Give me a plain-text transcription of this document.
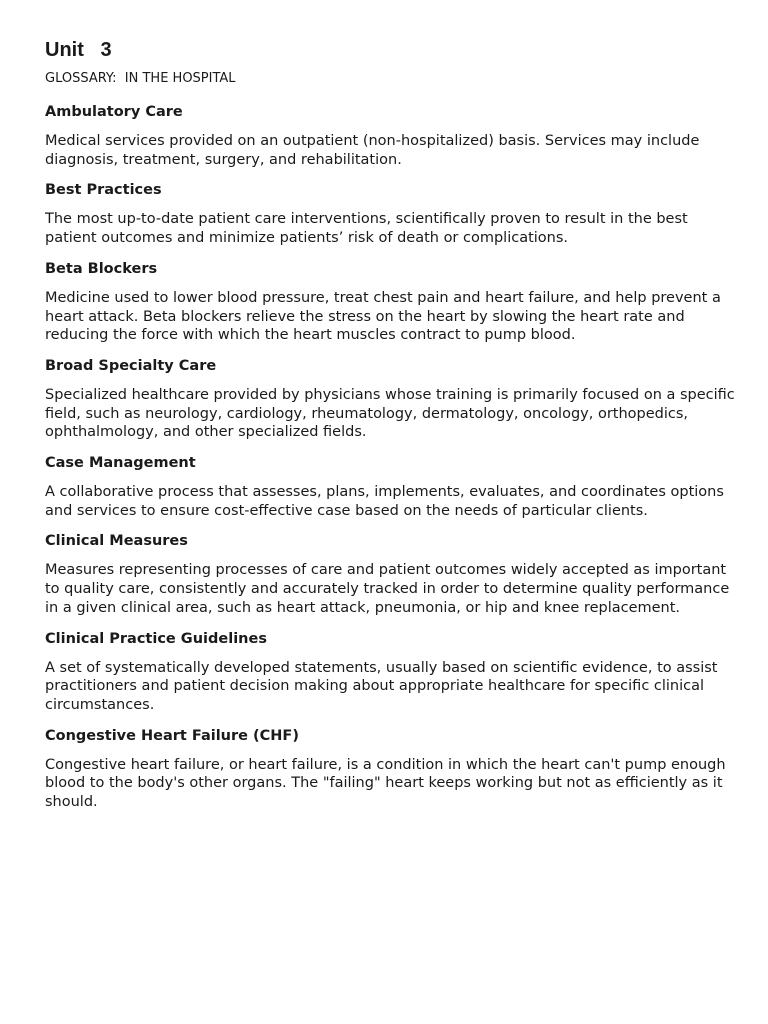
Unit   3
GLOSSARY:  IN THE HOSPITAL
Ambulatory Care
Medical services provided on an outpatient (non-hospitalized) basis. Services may include diagnosis, treatment, surgery, and rehabilitation.
Best Practices
The most up-to-date patient care interventions, scientifically proven to result in the best patient outcomes and minimize patients’ risk of death or complications.
Beta Blockers
Medicine used to lower blood pressure, treat chest pain and heart failure, and help prevent a heart attack. Beta blockers relieve the stress on the heart by slowing the heart rate and reducing the force with which the heart muscles contract to pump blood.
Broad Specialty Care
Specialized healthcare provided by physicians whose training is primarily focused on a specific field, such as neurology, cardiology, rheumatology, dermatology, oncology, orthopedics, ophthalmology, and other specialized fields.
Case Management
A collaborative process that assesses, plans, implements, evaluates, and coordinates options and services to ensure cost-effective case based on the needs of particular clients.
Clinical Measures
Measures representing processes of care and patient outcomes widely accepted as important to quality care, consistently and accurately tracked in order to determine quality performance in a given clinical area, such as heart attack, pneumonia, or hip and knee replacement.
Clinical Practice Guidelines
A set of systematically developed statements, usually based on scientific evidence, to assist practitioners and patient decision making about appropriate healthcare for specific clinical circumstances.
Congestive Heart Failure (CHF)
Congestive heart failure, or heart failure, is a condition in which the heart can't pump enough blood to the body's other organs. The "failing" heart keeps working but not as efficiently as it should.
